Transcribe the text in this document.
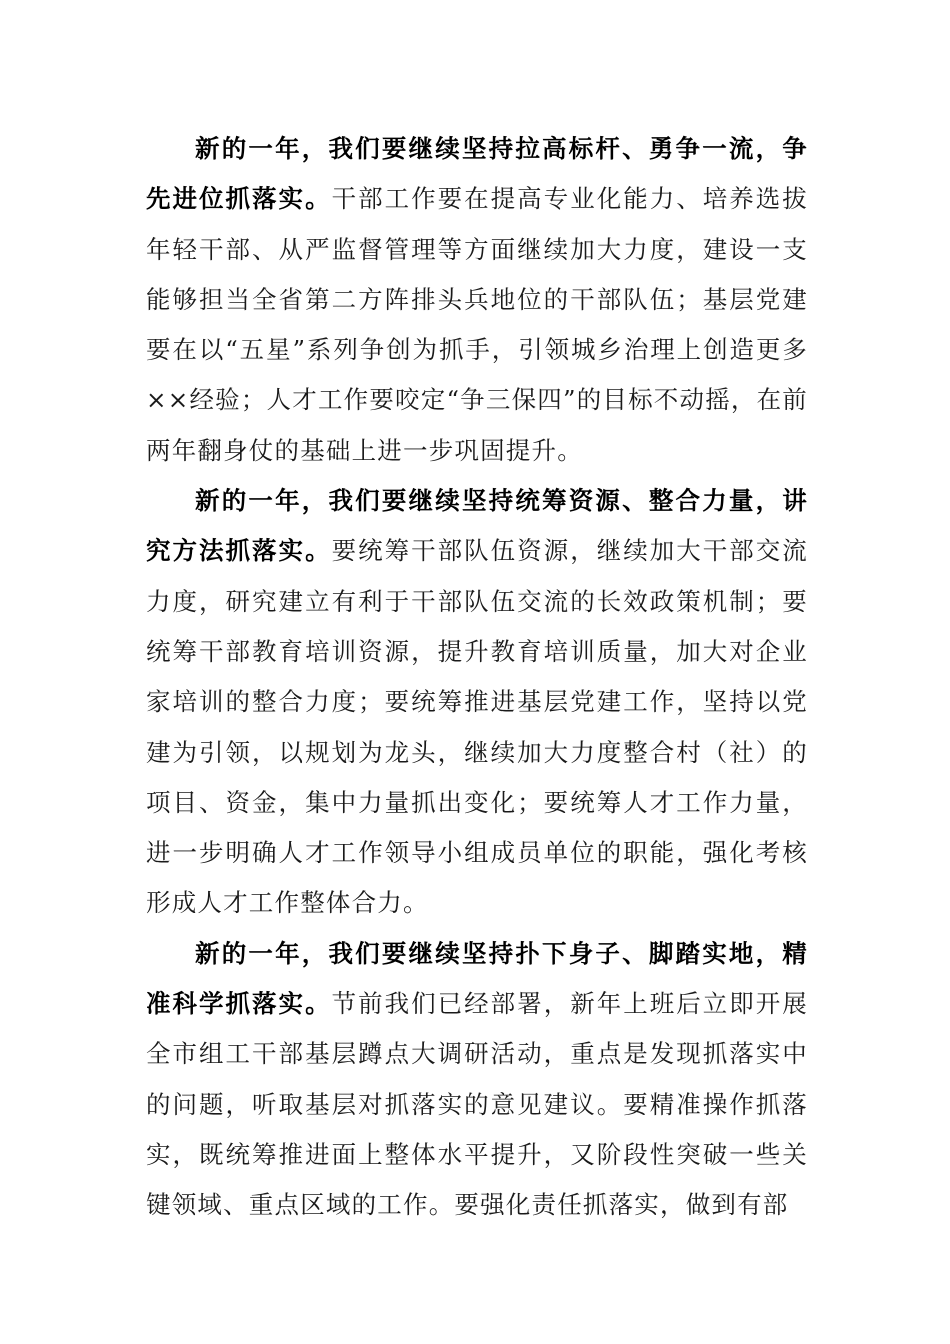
新的一年，我们要继续坚持拉高标杆、勇争一流，争先进位抓落实。干部工作要在提高专业化能力、培养选拔年轻干部、从严监督管理等方面继续加大力度，建设一支能够担当全省第二方阵排头兵地位的干部队伍；基层党建要在以“五星”系列争创为抓手，引领城乡治理上创造更多××经验；人才工作要咬定“争三保四”的目标不动摇，在前两年翻身仗的基础上进一步巩固提升。

新的一年，我们要继续坚持统筹资源、整合力量，讲究方法抓落实。要统筹干部队伍资源，继续加大干部交流力度，研究建立有利于干部队伍交流的长效政策机制；要统筹干部教育培训资源，提升教育培训质量，加大对企业家培训的整合力度；要统筹推进基层党建工作，坚持以党建为引领，以规划为龙头，继续加大力度整合村（社）的项目、资金，集中力量抓出变化；要统筹人才工作力量，进一步明确人才工作领导小组成员单位的职能，强化考核形成人才工作整体合力。

新的一年，我们要继续坚持扑下身子、脚踏实地，精准科学抓落实。节前我们已经部署，新年上班后立即开展全市组工干部基层蹲点大调研活动，重点是发现抓落实中的问题，听取基层对抓落实的意见建议。要精准操作抓落实，既统筹推进面上整体水平提升，又阶段性突破一些关键领域、重点区域的工作。要强化责任抓落实，做到有部
